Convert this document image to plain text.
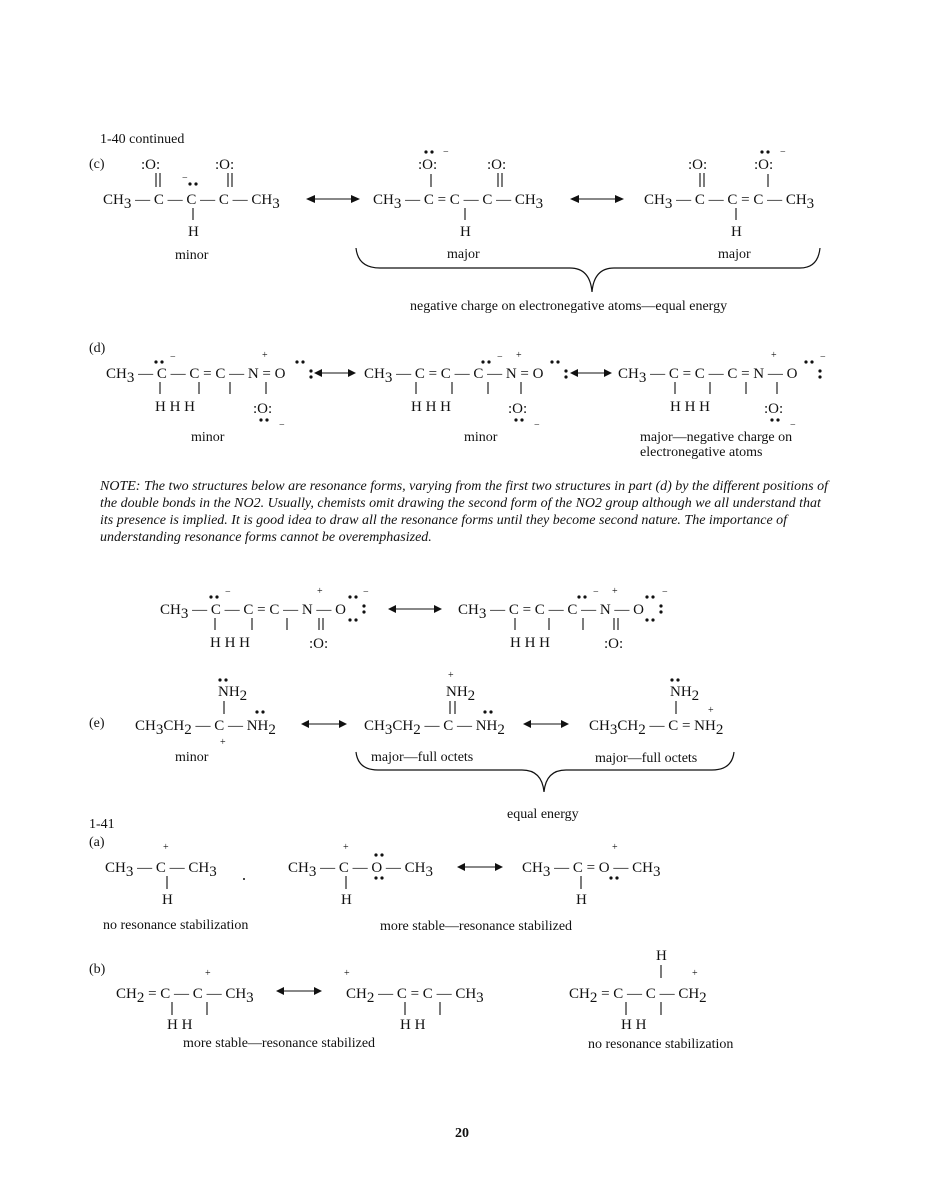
1-40 continued
(c)
minor	major	major
negative charge on electronegative atoms—equal energy
(d)
minor	minor	major—negative charge on
electronegative atoms
NOTE: The two structures below are resonance forms, varying from the first two structures in part (d) by the different positions of the double bonds in the NO2. Usually, chemists omit drawing the second form of the NO2 group although we all understand that its presence is implied. It is good idea to draw all the resonance forms until they become second nature. The importance of understanding resonance forms cannot be overemphasized.
(e)
minor	major—full octets	major—full octets
equal energy
1-41
(a)
no resonance stabilization	more stable—resonance stabilized
(b)
more stable—resonance stabilized	no resonance stabilization
20
CH3 — C — C — C — CH3
:O:	:O:
−
H
CH3 — C = C — C — CH3
:O:	:O:
−
H
CH3 — C — C = C — CH3
:O:	:O:
−
H
CH3 — C — C = C — N = O
−	+
H H H	:O:
−
CH3 — C = C — C — N = O
− +
H H H	:O:
−
CH3 — C = C — C = N — O
+	−
H H H	:O:
−
CH3 — C — C = C — N — O
−	+	−
H H H	:O:
CH3 — C = C — C — N — O
− +	−
H H H	:O:
CH3CH2 — C — NH2
NH2
+
CH3CH2 — C — NH2
NH2
+
CH3CH2 — C = NH2
NH2
+
CH3 — C — CH3
+
H
CH3 — C — O — CH3
+
H
CH3 — C = O — CH3
+
H
CH2 = C — C — CH3
+
H H
CH2 — C = C — CH3
+
H H
CH2 = C — C — CH2
H
+
H H
